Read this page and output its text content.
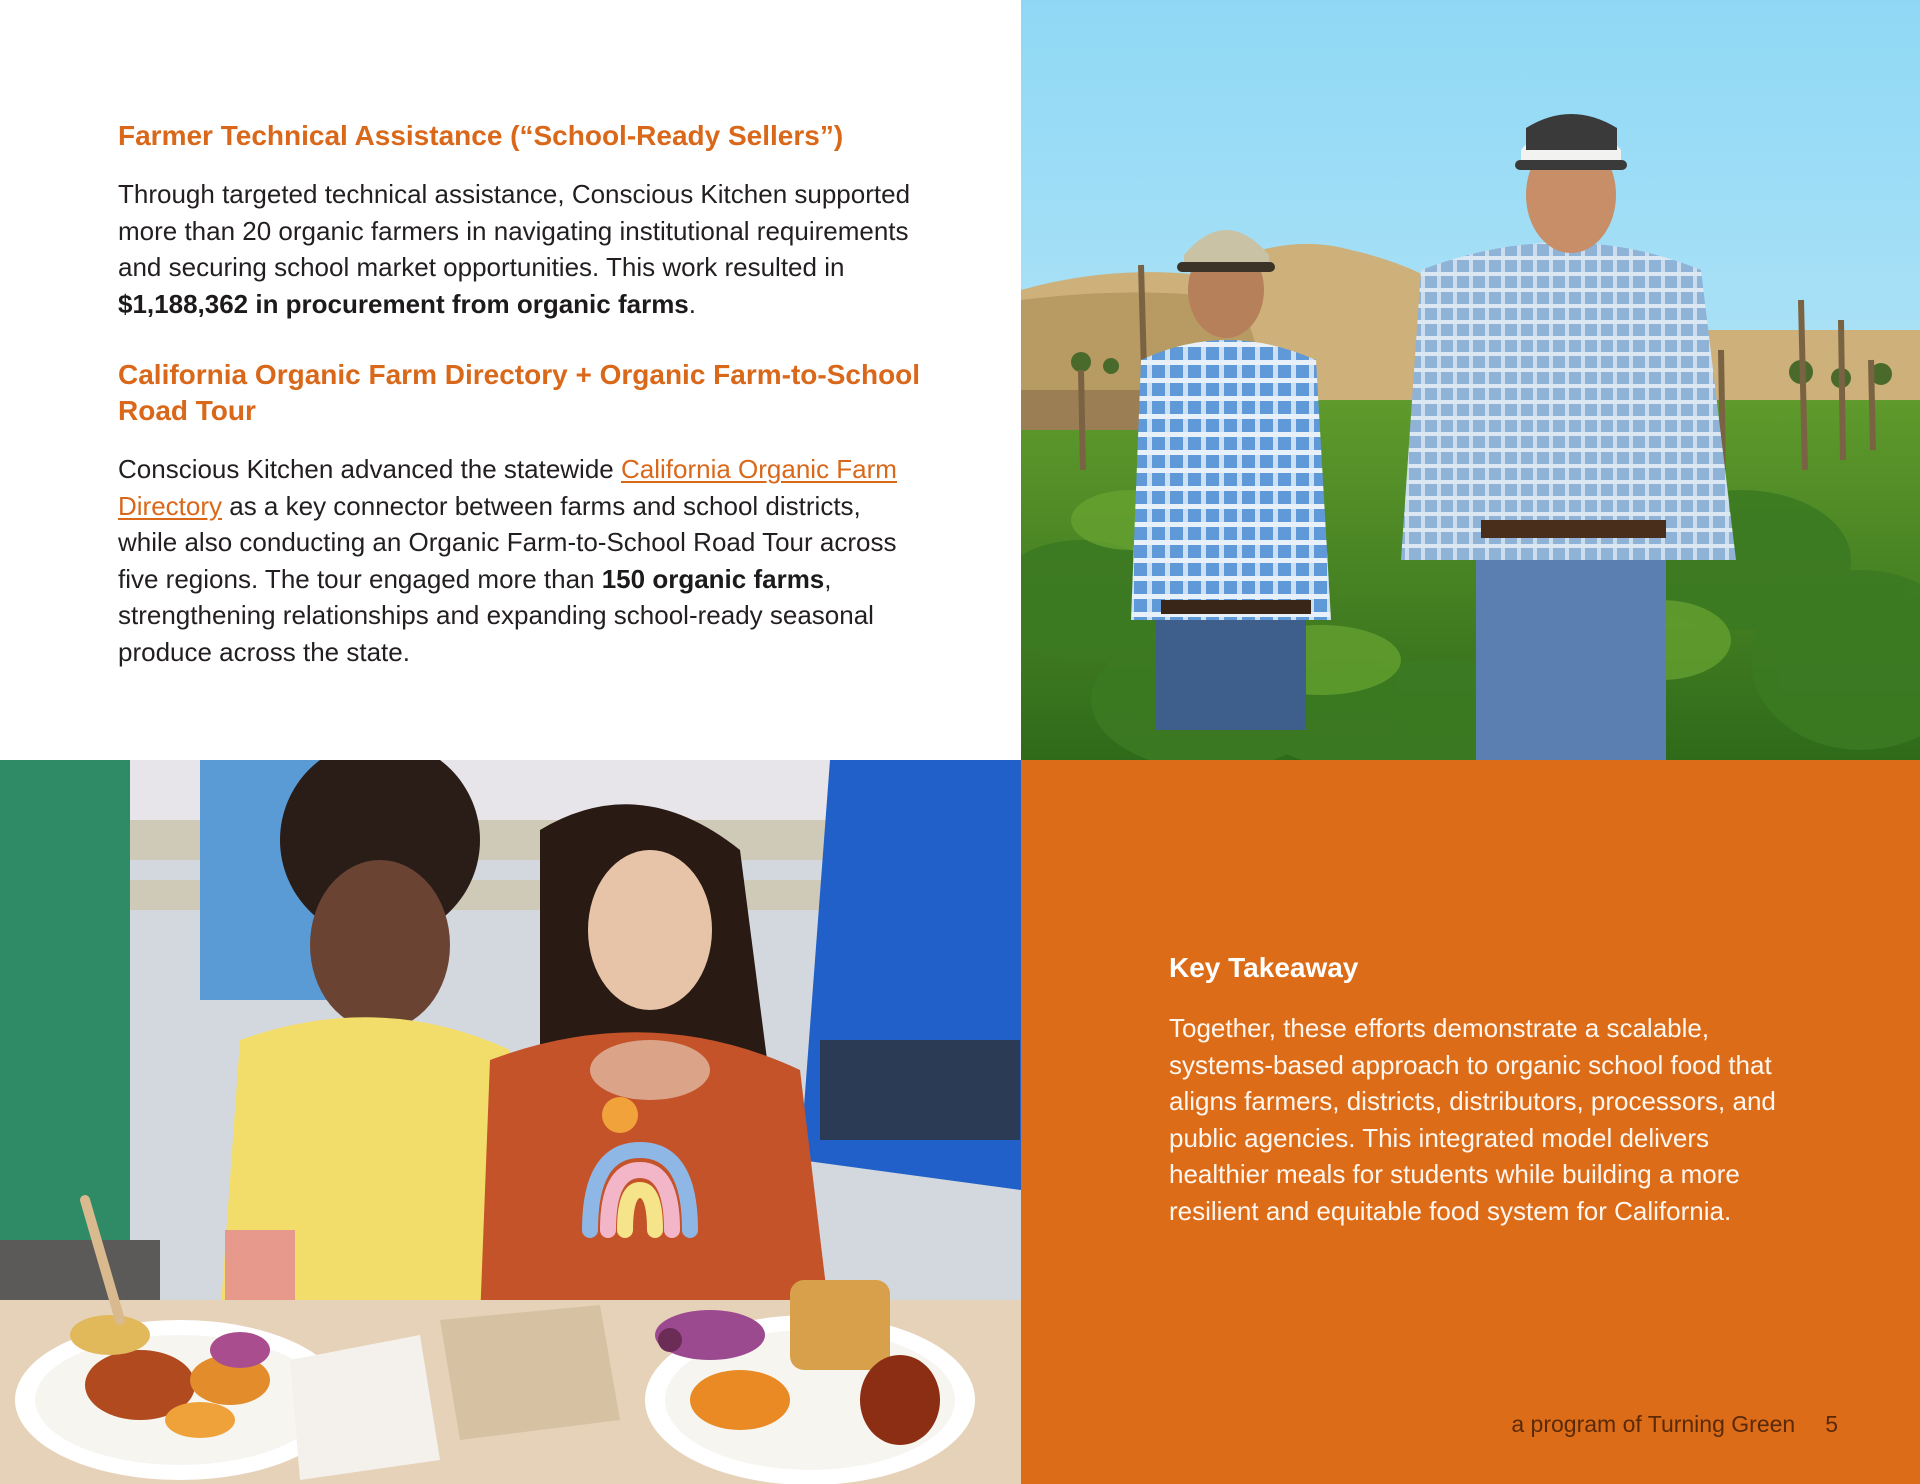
Farmer Technical Assistance (“School-Ready Sellers”)

Through targeted technical assistance, Conscious Kitchen supported more than 20 organic farmers in navigating institutional requirements and securing school market opportunities. This work resulted in $1,188,362 in procurement from organic farms.

California Organic Farm Directory + Organic Farm-to-School Road Tour

Conscious Kitchen advanced the statewide California Organic Farm Directory as a key connector between farms and school districts, while also conducting an Organic Farm-to-School Road Tour across five regions. The tour engaged more than 150 organic farms, strengthening relationships and expanding school-ready seasonal produce across the state.

N
Key Takeaway

Together, these efforts demonstrate a scalable, systems-based approach to organic school food that aligns farmers, districts, distributors, processors, and public agencies. This integrated model delivers healthier meals for students while building a more resilient and equitable food system for California.

a program of Turning Green 5
